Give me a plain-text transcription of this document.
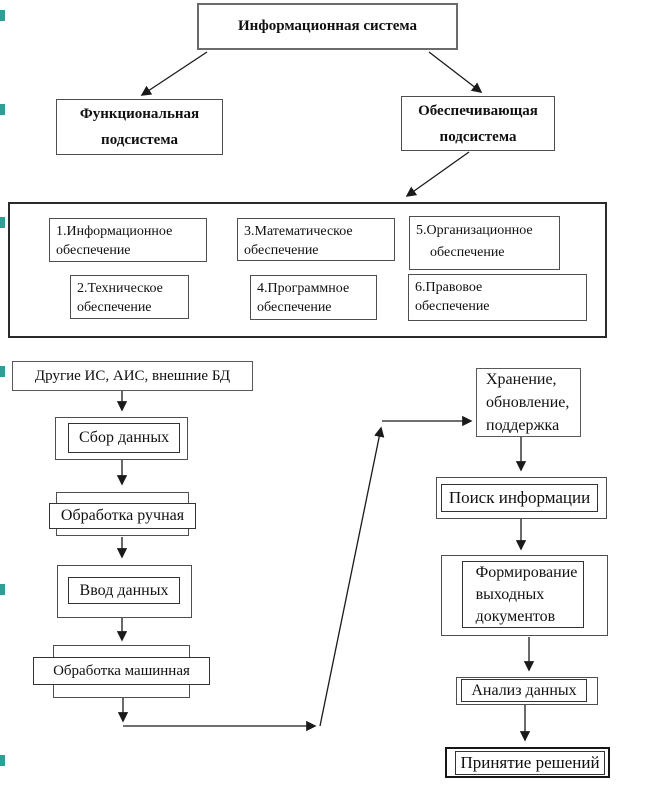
Информационная система
Функциональная
подсистема
Обеспечивающая
подсистема
1.Информационное
обеспечение
3.Математическое
обеспечение
5.Организационное
обеспечение
2.Техническое
обеспечение
4.Программное
обеспечение
6.Правовое
обеспечение
Другие ИС, АИС, внешние БД
Сбор данных
Обработка ручная
Ввод данных
Обработка машинная
Хранение,
обновление,
поддержка
Поиск информации
Формирование
выходных
документов
Анализ данных
Принятие решений
